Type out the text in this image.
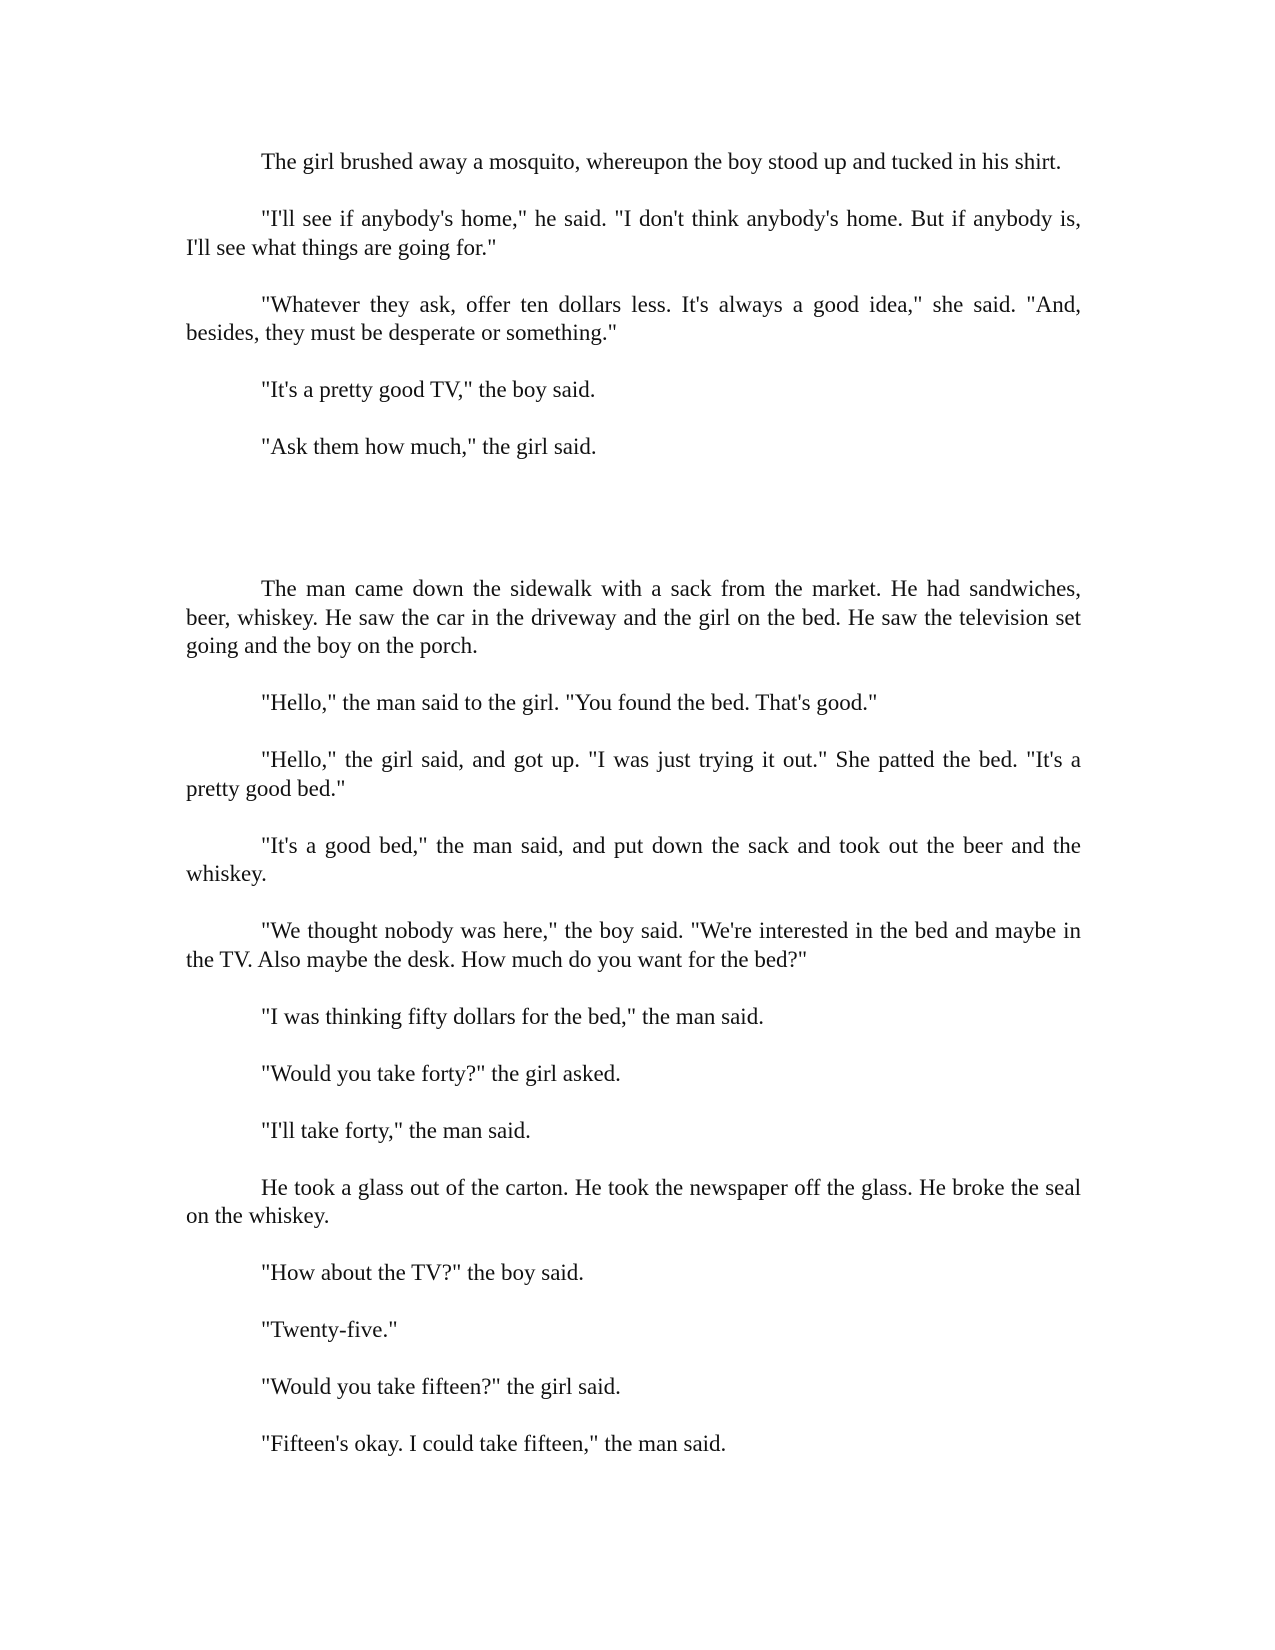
The girl brushed away a mosquito, whereupon the boy stood up and tucked in his shirt.

"I'll see if anybody's home," he said. "I don't think anybody's home. But if anybody is, I'll see what things are going for."

"Whatever they ask, offer ten dollars less. It's always a good idea," she said. "And, besides, they must be desperate or something."

"It's a pretty good TV," the boy said.

"Ask them how much," the girl said.

The man came down the sidewalk with a sack from the market. He had sandwiches, beer, whiskey. He saw the car in the driveway and the girl on the bed. He saw the television set going and the boy on the porch.

"Hello," the man said to the girl. "You found the bed. That's good."

"Hello," the girl said, and got up. "I was just trying it out." She patted the bed. "It's a pretty good bed."

"It's a good bed," the man said, and put down the sack and took out the beer and the whiskey.

"We thought nobody was here," the boy said. "We're interested in the bed and maybe in the TV. Also maybe the desk. How much do you want for the bed?"

"I was thinking fifty dollars for the bed," the man said.

"Would you take forty?" the girl asked.

"I'll take forty," the man said.

He took a glass out of the carton. He took the newspaper off the glass. He broke the seal on the whiskey.

"How about the TV?" the boy said.

"Twenty-five."

"Would you take fifteen?" the girl said.

"Fifteen's okay. I could take fifteen," the man said.
